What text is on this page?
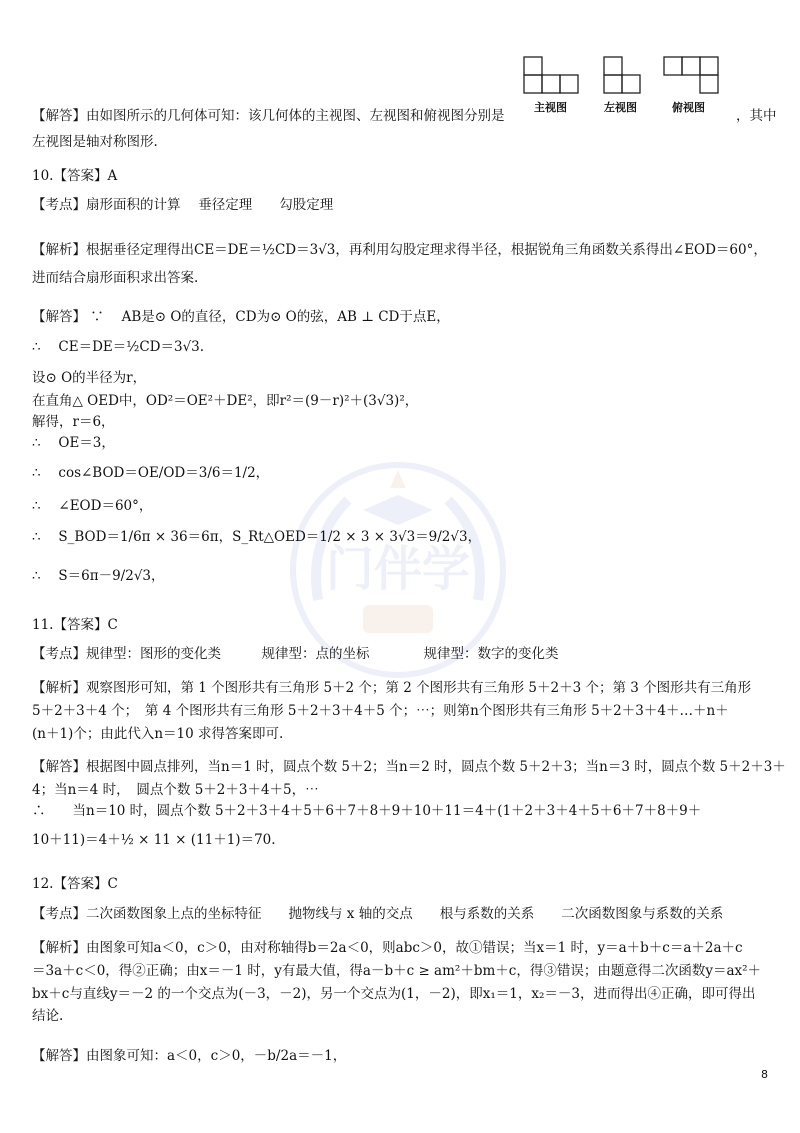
门伴学
主视图	左视图	俯视图
【解答】由如图所示的几何体可知：该几何体的主视图、左视图和俯视图分别是	，其中
左视图是轴对称图形.
10.【答案】A
【考点】扇形面积的计算　 垂径定理　　勾股定理
【解析】根据垂径定理得出CE＝DE＝½CD＝3√3，再利用勾股定理求得半径，根据锐角三角函数关系得出∠EOD＝60°，
进而结合扇形面积求出答案.
【解答】 ∵　 AB是⊙ O的直径，CD为⊙ O的弦，AB ⊥ CD于点E，
∴　 CE＝DE＝½CD＝3√3.
设⊙ O的半径为r，
在直角△ OED中，OD²＝OE²＋DE²，即r²＝(9－r)²＋(3√3)²，
解得，r＝6，
∴　 OE＝3，
∴　 cos∠BOD＝OE/OD＝3/6＝1/2，
∴　 ∠EOD＝60°，
∴　 S_BOD＝1/6π × 36＝6π，S_Rt△OED＝1/2 × 3 × 3√3＝9/2√3，
∴　 S＝6π－9/2√3，
11.【答案】C
【考点】规律型：图形的变化类　　　规律型：点的坐标　　　　规律型：数字的变化类
【解析】观察图形可知，第 1 个图形共有三角形 5＋2 个；第 2 个图形共有三角形 5＋2＋3 个；第 3 个图形共有三角形
5＋2＋3＋4 个；　第 4 个图形共有三角形 5＋2＋3＋4＋5 个；⋯；则第n个图形共有三角形 5＋2＋3＋4＋…＋n＋
(n＋1)个；由此代入n＝10 求得答案即可.
【解答】根据图中圆点排列，当n＝1 时，圆点个数 5＋2；当n＝2 时，圆点个数 5＋2＋3；当n＝3 时，圆点个数 5＋2＋3＋
4；当n＝4 时，　圆点个数 5＋2＋3＋4＋5，⋯
∴　　当n＝10 时，圆点个数 5＋2＋3＋4＋5＋6＋7＋8＋9＋10＋11＝4＋(1＋2＋3＋4＋5＋6＋7＋8＋9＋
10＋11)＝4＋½ × 11 × (11＋1)＝70.
12.【答案】C
【考点】二次函数图象上点的坐标特征　　抛物线与 x 轴的交点　　根与系数的关系　　二次函数图象与系数的关系
【解析】由图象可知a＜0，c＞0，由对称轴得b＝2a＜0，则abc＞0，故①错误；当x＝1 时，y＝a＋b＋c＝a＋2a＋c
＝3a＋c＜0，得②正确；由x＝－1 时，y有最大值，得a－b＋c ≥ am²＋bm＋c，得③错误；由题意得二次函数y＝ax²＋
bx＋c与直线y＝－2 的一个交点为(－3，－2)，另一个交点为(1，－2)，即x₁＝1，x₂＝－3，进而得出④正确，即可得出
结论.
【解答】由图象可知：a＜0，c＞0，－b/2a＝－1，
8
